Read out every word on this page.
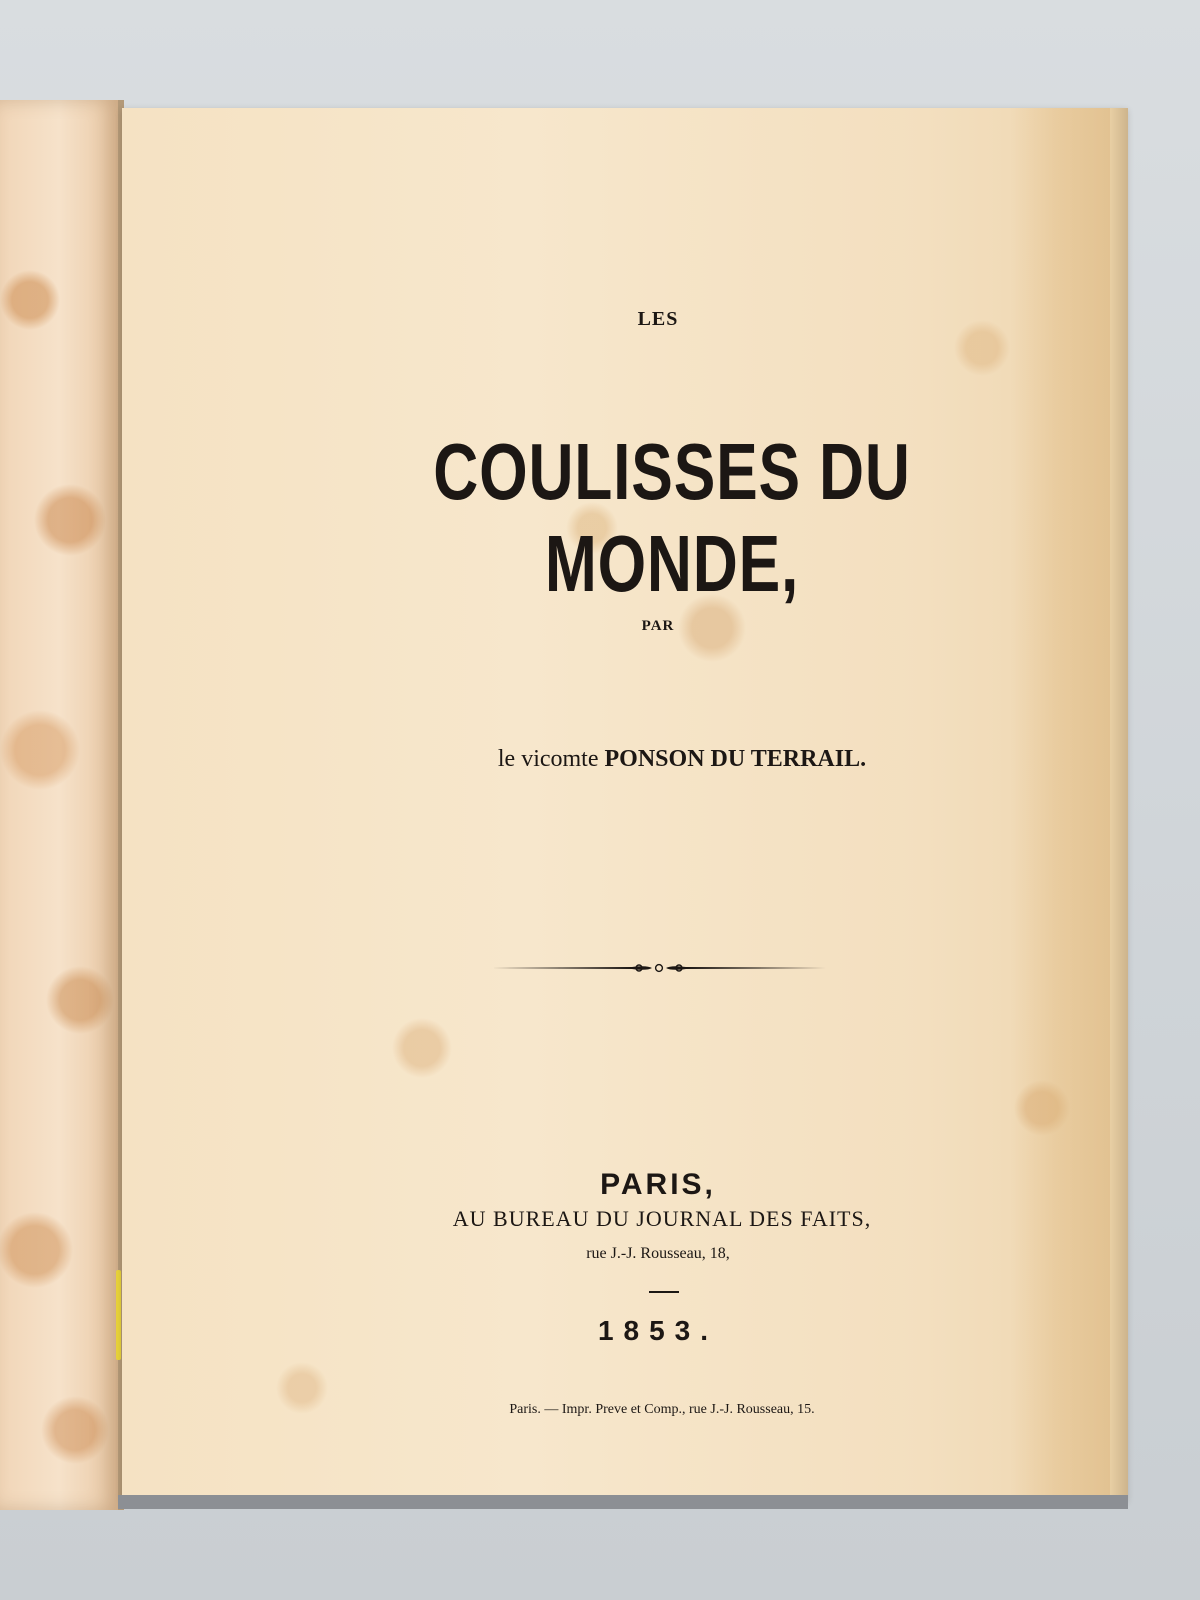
LES
COULISSES DU MONDE,
PAR
le vicomte PONSON DU TERRAIL.
PARIS,
AU BUREAU DU JOURNAL DES FAITS,
rue J.-J. Rousseau, 18,
1853.
Paris. — Impr. Preve et Comp., rue J.-J. Rousseau, 15.
